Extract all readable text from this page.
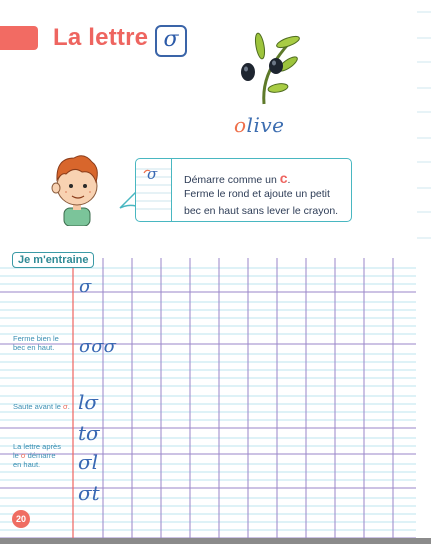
La lettre σ
olive
σ	Démarre comme un c.
Ferme le rond et ajoute un petit
bec en haut sans lever le crayon.
Je m'entraine
σ
σσσ
lσ
tσ
σl
σt
Ferme bien le bec en haut.
Saute avant le σ.
La lettre après le σ démarre en haut.
20
